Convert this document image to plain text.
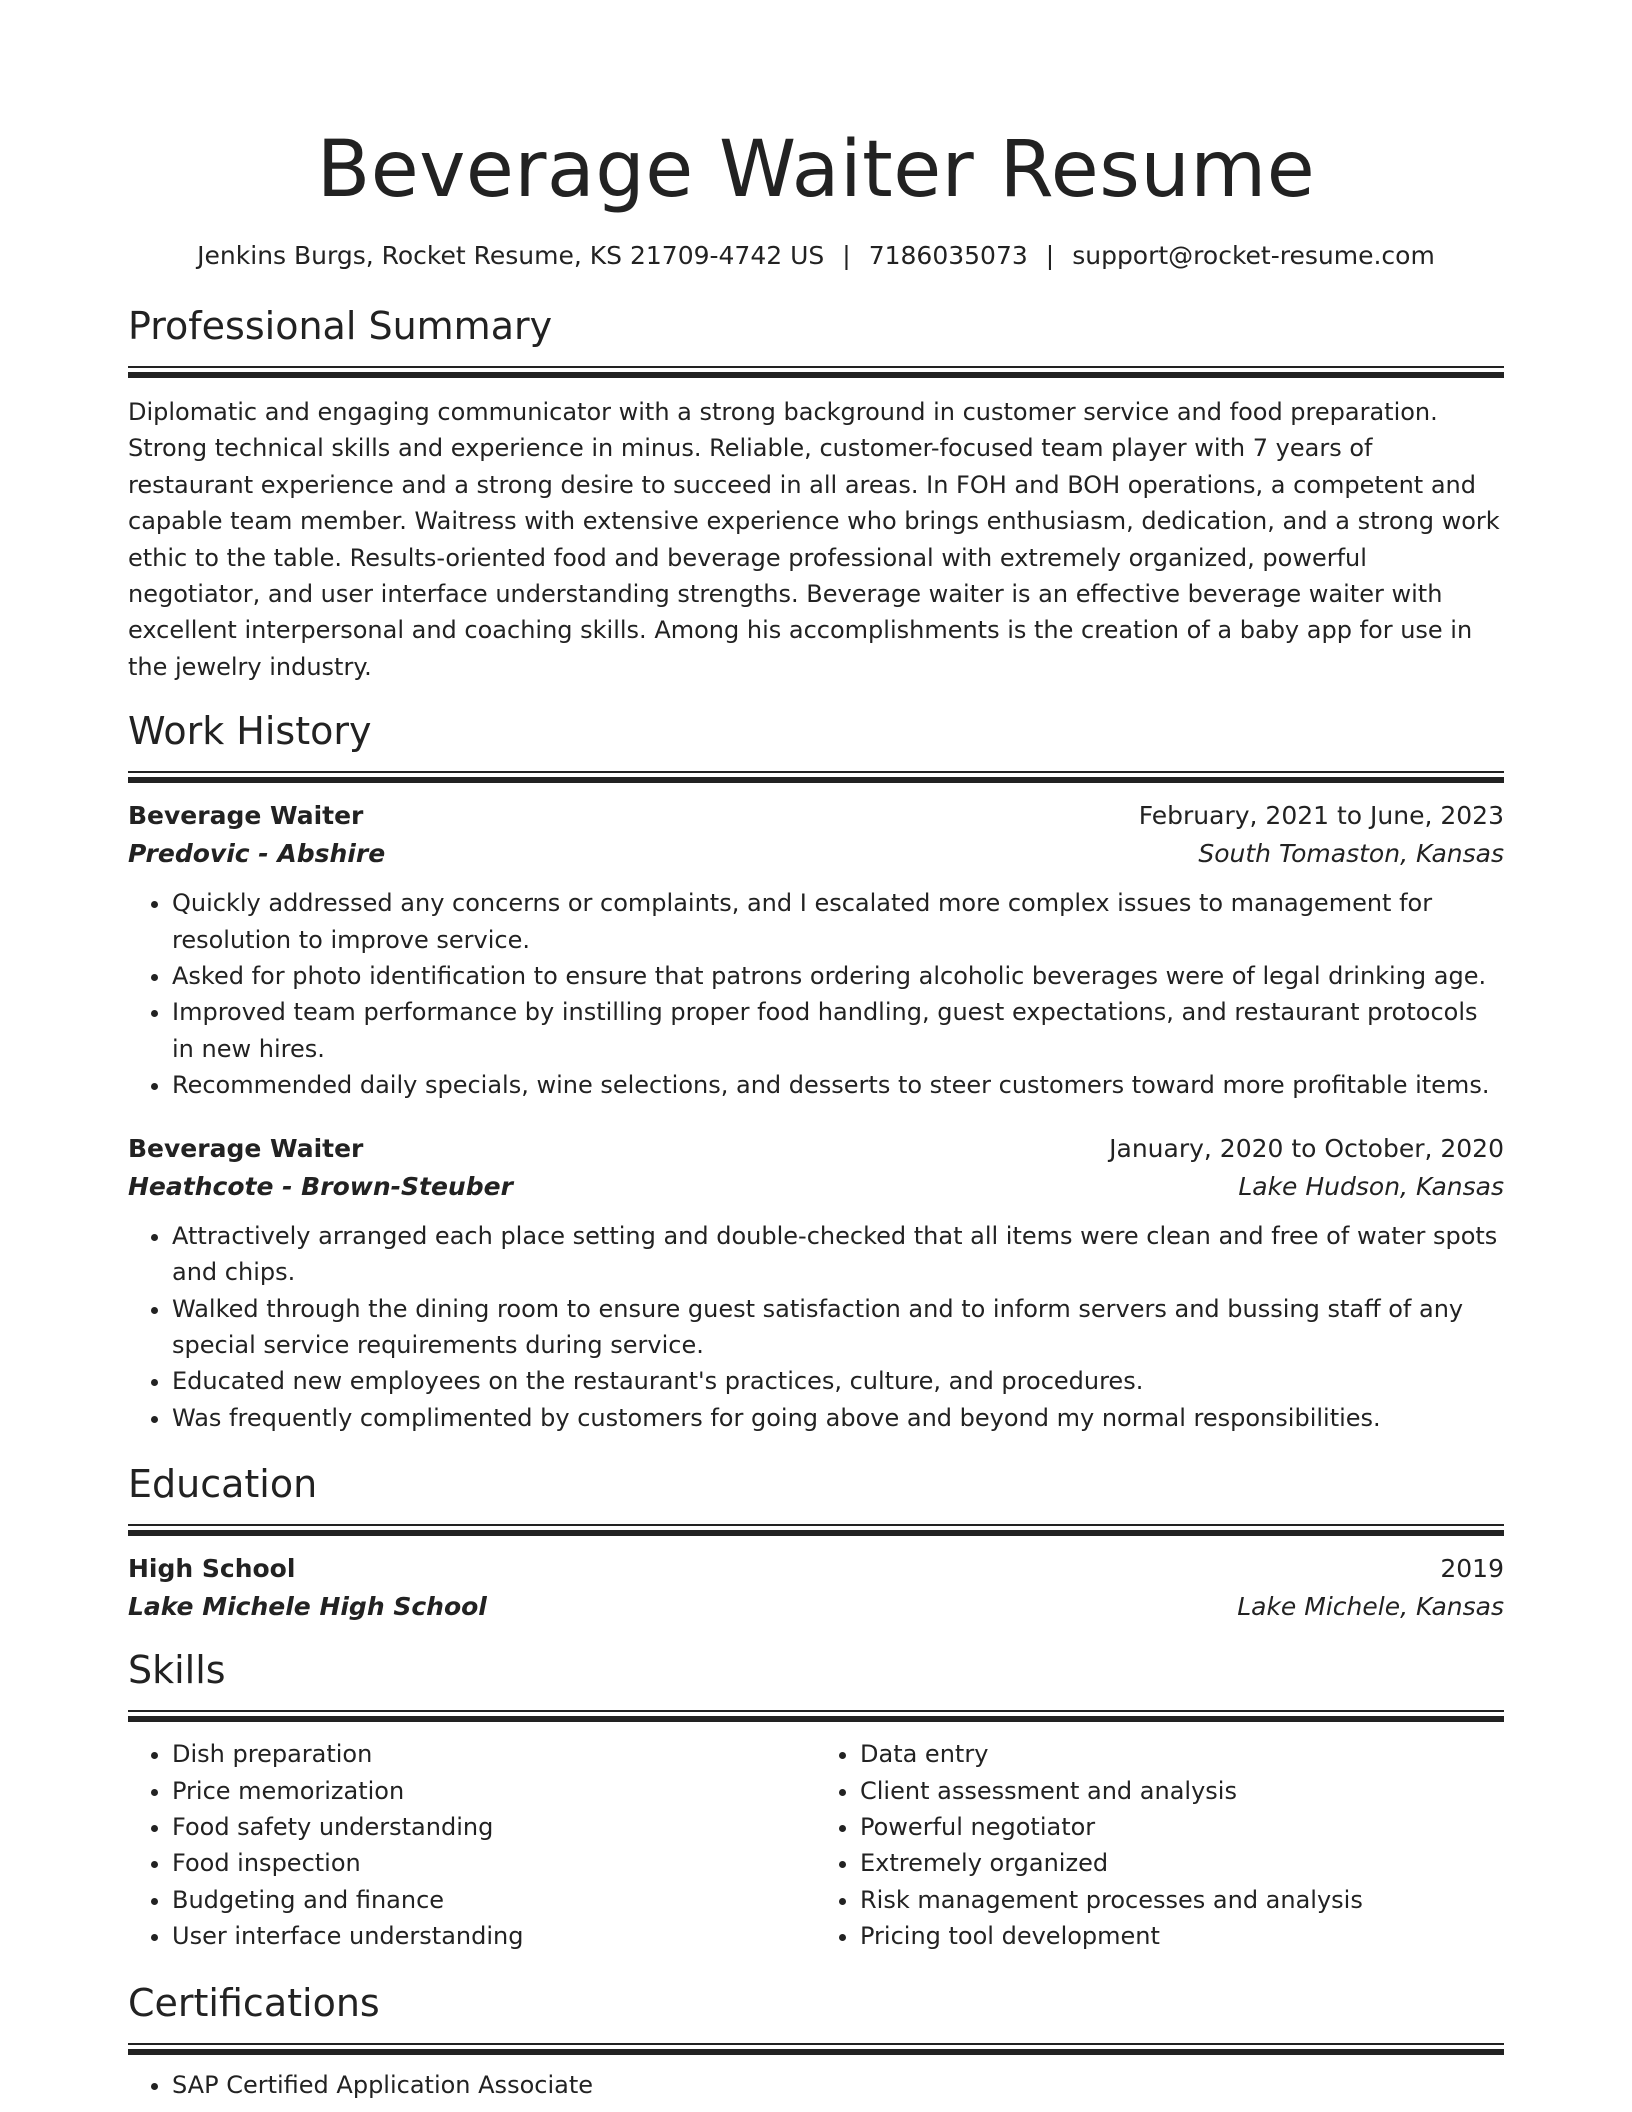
Beverage Waiter Resume
Jenkins Burgs, Rocket Resume, KS 21709-4742 US | 7186035073 | support@rocket-resume.com
Professional Summary
Diplomatic and engaging communicator with a strong background in customer service and food preparation. Strong technical skills and experience in minus. Reliable, customer-focused team player with 7 years of restaurant experience and a strong desire to succeed in all areas. In FOH and BOH operations, a competent and capable team member. Waitress with extensive experience who brings enthusiasm, dedication, and a strong work ethic to the table. Results-oriented food and beverage professional with extremely organized, powerful negotiator, and user interface understanding strengths. Beverage waiter is an effective beverage waiter with excellent interpersonal and coaching skills. Among his accomplishments is the creation of a baby app for use in the jewelry industry.
Work History
Beverage Waiter	February, 2021 to June, 2023
Predovic - Abshire	South Tomaston, Kansas
• Quickly addressed any concerns or complaints, and I escalated more complex issues to management for resolution to improve service.
• Asked for photo identification to ensure that patrons ordering alcoholic beverages were of legal drinking age.
• Improved team performance by instilling proper food handling, guest expectations, and restaurant protocols in new hires.
• Recommended daily specials, wine selections, and desserts to steer customers toward more profitable items.
Beverage Waiter	January, 2020 to October, 2020
Heathcote - Brown-Steuber	Lake Hudson, Kansas
• Attractively arranged each place setting and double-checked that all items were clean and free of water spots and chips.
• Walked through the dining room to ensure guest satisfaction and to inform servers and bussing staff of any special service requirements during service.
• Educated new employees on the restaurant's practices, culture, and procedures.
• Was frequently complimented by customers for going above and beyond my normal responsibilities.
Education
High School	2019
Lake Michele High School	Lake Michele, Kansas
Skills
• Dish preparation
• Price memorization
• Food safety understanding
• Food inspection
• Budgeting and finance
• User interface understanding
• Data entry
• Client assessment and analysis
• Powerful negotiator
• Extremely organized
• Risk management processes and analysis
• Pricing tool development
Certifications
• SAP Certified Application Associate
